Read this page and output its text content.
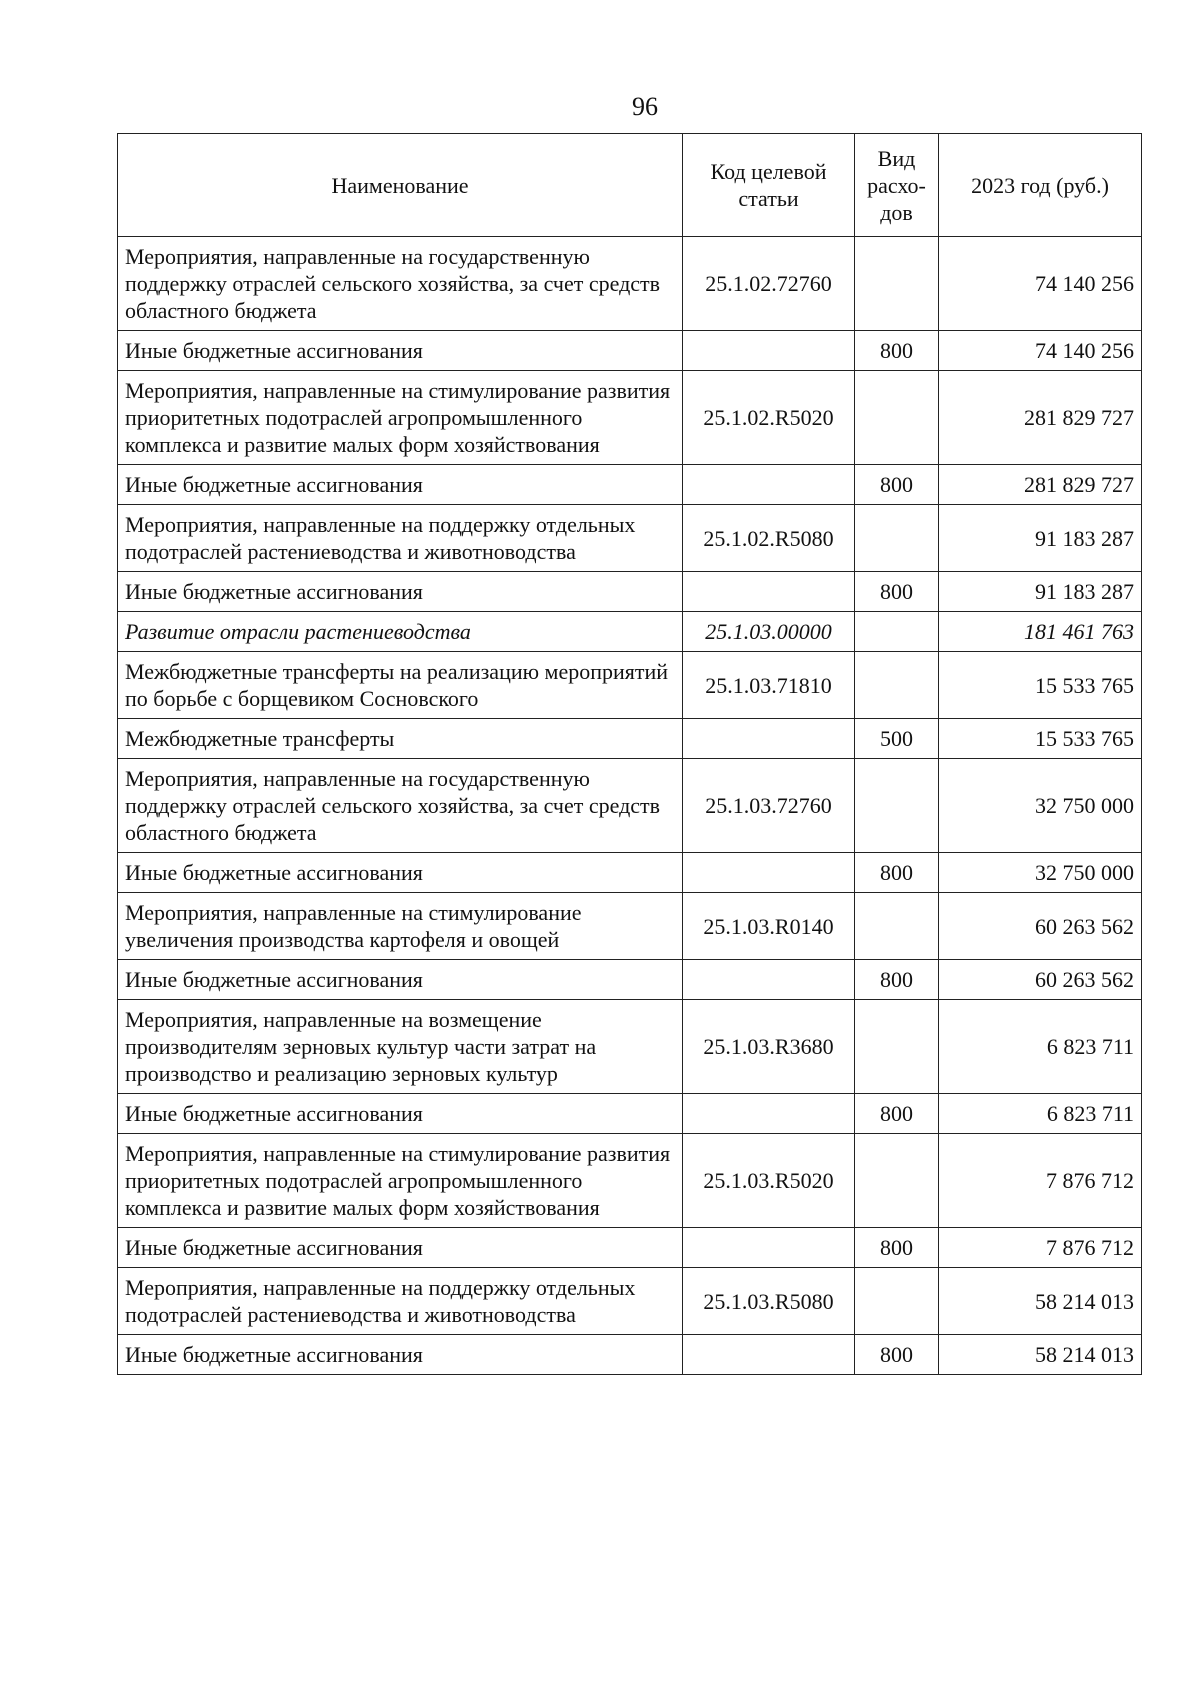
96
Наименование	Код целевой статьи	Вид расхо-дов	2023 год (руб.)
Мероприятия, направленные на государственную поддержку отраслей сельского хозяйства, за счет средств областного бюджета	25.1.02.72760		74 140 256
Иные бюджетные ассигнования		800	74 140 256
Мероприятия, направленные на стимулирование развития приоритетных подотраслей агропромышленного комплекса и развитие малых форм хозяйствования	25.1.02.R5020		281 829 727
Иные бюджетные ассигнования		800	281 829 727
Мероприятия, направленные на поддержку отдельных подотраслей растениеводства и животноводства	25.1.02.R5080		91 183 287
Иные бюджетные ассигнования		800	91 183 287
Развитие отрасли растениеводства	25.1.03.00000		181 461 763
Межбюджетные трансферты на реализацию мероприятий по борьбе с борщевиком Сосновского	25.1.03.71810		15 533 765
Межбюджетные трансферты		500	15 533 765
Мероприятия, направленные на государственную поддержку отраслей сельского хозяйства, за счет средств областного бюджета	25.1.03.72760		32 750 000
Иные бюджетные ассигнования		800	32 750 000
Мероприятия, направленные на стимулирование увеличения производства картофеля и овощей	25.1.03.R0140		60 263 562
Иные бюджетные ассигнования		800	60 263 562
Мероприятия, направленные на возмещение производителям зерновых культур части затрат на производство и реализацию зерновых культур	25.1.03.R3680		6 823 711
Иные бюджетные ассигнования		800	6 823 711
Мероприятия, направленные на стимулирование развития приоритетных подотраслей агропромышленного комплекса и развитие малых форм хозяйствования	25.1.03.R5020		7 876 712
Иные бюджетные ассигнования		800	7 876 712
Мероприятия, направленные на поддержку отдельных подотраслей растениеводства и животноводства	25.1.03.R5080		58 214 013
Иные бюджетные ассигнования		800	58 214 013
